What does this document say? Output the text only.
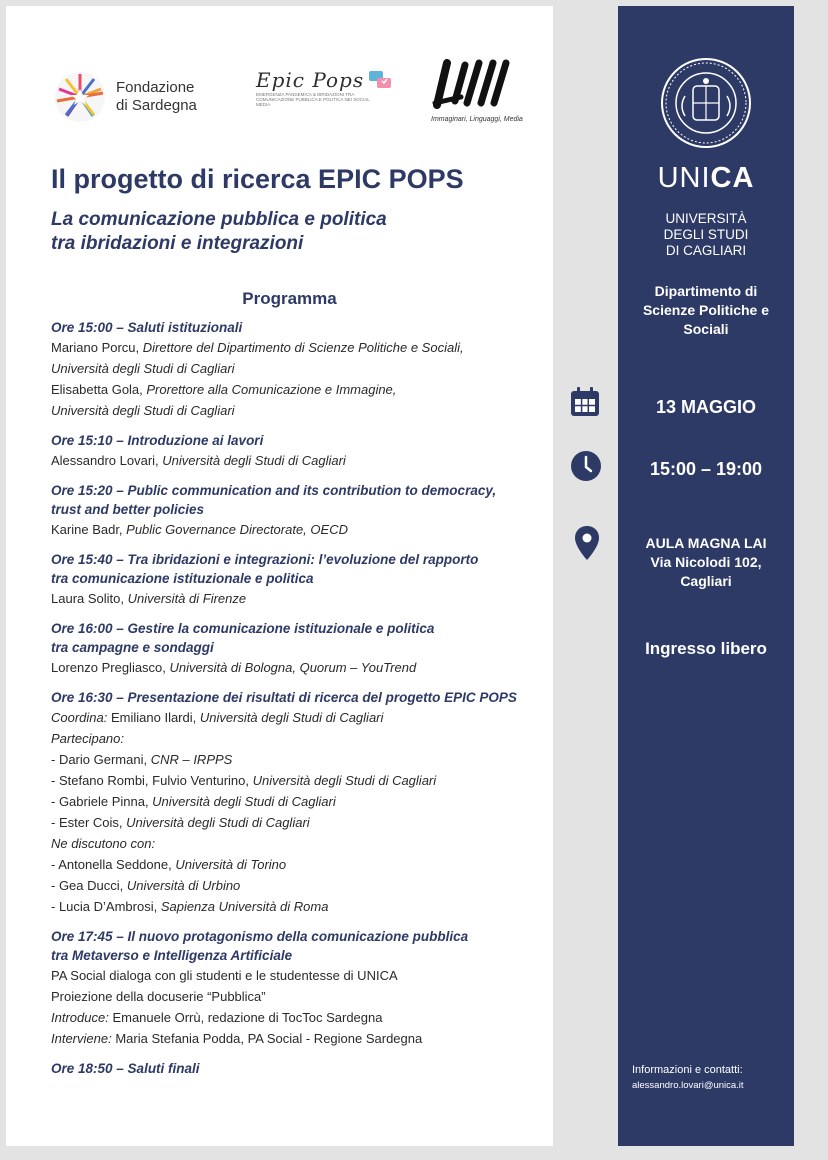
Fondazione
di Sardegna
Epic Pops
EMERGENZA PANDEMICA & IBRIDAZIONI TRA COMUNICAZIONE PUBBLICA E POLITICA NEI SOCIAL MEDIA
Immaginari, Linguaggi, Media
Il progetto di ricerca EPIC POPS
La comunicazione pubblica e politica
tra ibridazioni e integrazioni
Programma
Ore 15:00 – Saluti istituzionali
Mariano Porcu, Direttore del Dipartimento di Scienze Politiche e Sociali,
Università degli Studi di Cagliari
Elisabetta Gola, Prorettore alla Comunicazione e Immagine,
Università degli Studi di Cagliari
Ore 15:10 – Introduzione ai lavori
Alessandro Lovari, Università degli Studi di Cagliari
Ore 15:20 – Public communication and its contribution to democracy,
trust and better policies
Karine Badr, Public Governance Directorate, OECD
Ore 15:40 – Tra ibridazioni e integrazioni: l’evoluzione del rapporto
tra comunicazione istituzionale e politica
Laura Solito, Università di Firenze
Ore 16:00 – Gestire la comunicazione istituzionale e politica
tra campagne e sondaggi
Lorenzo Pregliasco, Università di Bologna, Quorum – YouTrend
Ore 16:30 – Presentazione dei risultati di ricerca del progetto EPIC POPS
Coordina: Emiliano Ilardi, Università degli Studi di Cagliari
Partecipano:
- Dario Germani, CNR – IRPPS
- Stefano Rombi, Fulvio Venturino, Università degli Studi di Cagliari
- Gabriele Pinna, Università degli Studi di Cagliari
- Ester Cois, Università degli Studi di Cagliari
Ne discutono con:
- Antonella Seddone, Università di Torino
- Gea Ducci, Università di Urbino
- Lucia D’Ambrosi, Sapienza Università di Roma
Ore 17:45 – Il nuovo protagonismo della comunicazione pubblica
tra Metaverso e Intelligenza Artificiale
PA Social dialoga con gli studenti e le studentesse di UNICA
Proiezione della docuserie “Pubblica”
Introduce: Emanuele Orrù, redazione di TocToc Sardegna
Interviene: Maria Stefania Podda, PA Social - Regione Sardegna
Ore 18:50 – Saluti finali
UNICA
UNIVERSITÀ
DEGLI STUDI
DI CAGLIARI
Dipartimento di
Scienze Politiche e
Sociali
13 MAGGIO
15:00 – 19:00
AULA MAGNA LAI
Via Nicolodi 102,
Cagliari
Ingresso libero
Informazioni e contatti:
alessandro.lovari@unica.it
